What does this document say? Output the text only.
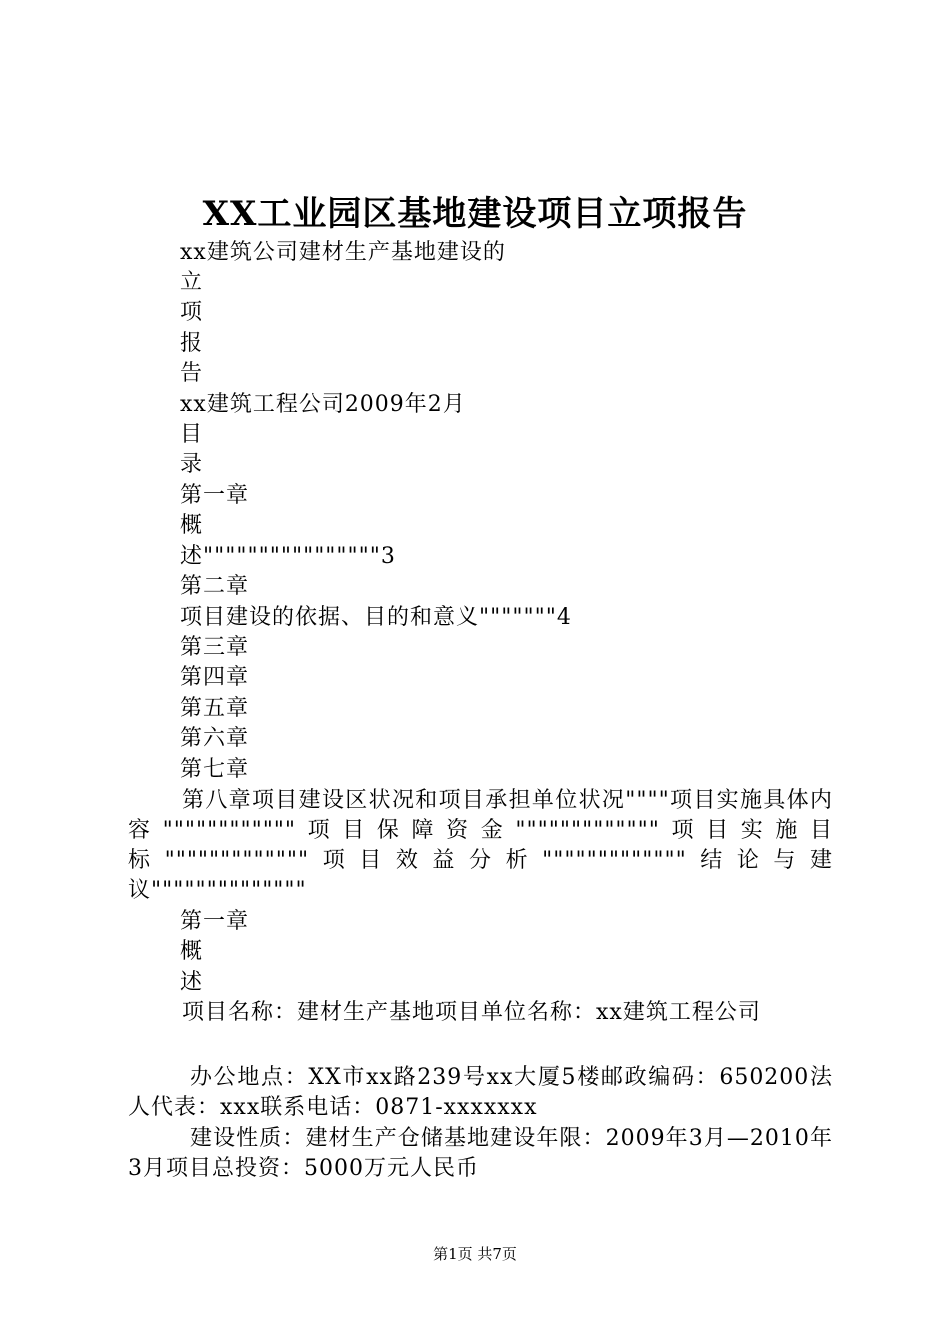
XX工业园区基地建设项目立项报告
xx建筑公司建材生产基地建设的
立
项
报
告
xx建筑工程公司2009年2月
目
录
第一章
概
述""""""""""""""""3
第二章
项目建设的依据、目的和意义"""""""4
第三章
第四章
第五章
第六章
第七章
第八章项目建设区状况和项目承担单位状况""""项目实施具体内容""""""""""""项目保障资金"""""""""""""项目实施目标"""""""""""""项目效益分析"""""""""""""结论与建议""""""""""""""
第一章
概
述
项目名称：建材生产基地项目单位名称：xx建筑工程公司
办公地点：XX市xx路239号xx大厦5楼邮政编码：650200法人代表：xxx联系电话：0871-xxxxxxx
建设性质：建材生产仓储基地建设年限：2009年3月—2010年3月项目总投资：5000万元人民币
第1页 共7页
